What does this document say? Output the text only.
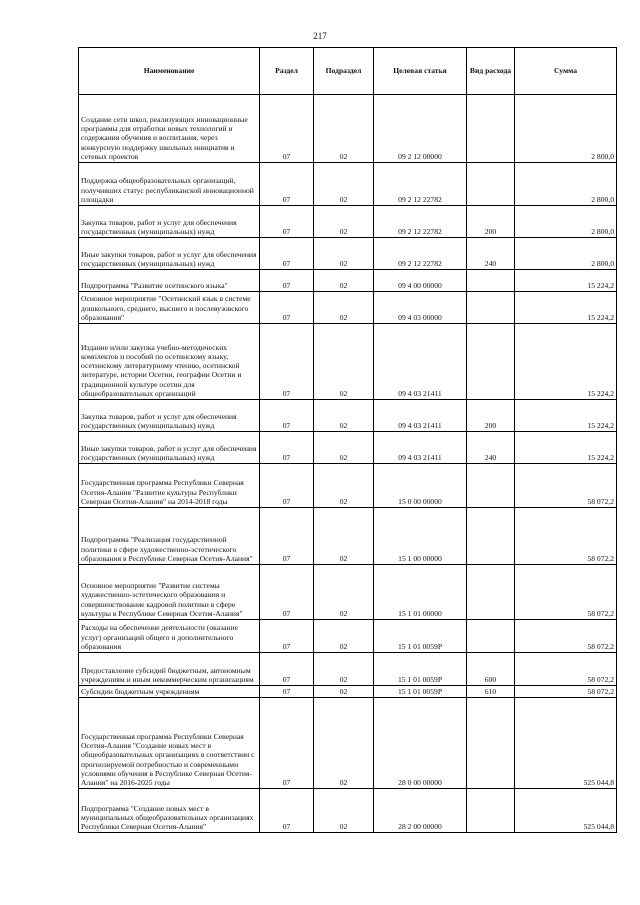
217
Наименование	Раздел	Подраздел	Целевая статья	Вид расхода	Сумма
Создание сети школ, реализующих инновационные программы для отработки новых технологий и содержания обучения и воспитания, через конкурсную поддержку школьных инициатив и сетевых проектов	07	02	09 2 12 00000		2 800,0
Поддержка общеобразовательных организаций, получивших статус республиканской инновационной площадки	07	02	09 2 12 22782		2 800,0
Закупка товаров, работ и услуг для обеспечения государственных (муниципальных) нужд	07	02	09 2 12 22782	200	2 800,0
Иные закупки товаров, работ и услуг для обеспечения государственных (муниципальных) нужд	07	02	09 2 12 22782	240	2 800,0
Подпрограмма "Развитие осетинского языка"	07	02	09 4 00 00000		15 224,2
Основное мероприятие "Осетинский язык в системе дошкольного, среднего, высшего и послевузовского образования"	07	02	09 4 03 00000		15 224,2
Издание и/или закупка учебно-методических комплектов и пособий по осетинскому языку, осетинскому литературному чтению, осетинской литературе, истории Осетии, географии Осетии и традиционной культуре осетин для общеобразовательных организаций	07	02	09 4 03 21411		15 224,2
Закупка товаров, работ и услуг для обеспечения государственных (муниципальных) нужд	07	02	09 4 03 21411	200	15 224,2
Иные закупки товаров, работ и услуг для обеспечения государственных (муниципальных) нужд	07	02	09 4 03 21411	240	15 224,2
Государственная программа Республики Северная Осетия-Алания "Развитие культуры Республики Северная Осетия-Алания" на 2014-2018 годы	07	02	15 0 00 00000		58 072,2
Подпрограмма "Реализация государственной политики в сфере художественно-эстетического образования в Республике Северная Осетия-Алания"	07	02	15 1 00 00000		58 072,2
Основное мероприятие "Развитие системы художественно-эстетического образования и совершенствование кадровой политики в сфере культуры в Республике Северная Осетия-Алания"	07	02	15 1 01 00000		58 072,2
Расходы на обеспечение деятельности (оказание услуг) организаций общего и дополнительного образования	07	02	15 1 01 0059Р		58 072,2
Предоставление субсидий бюджетным, автономным учреждениям и иным некоммерческим организациям	07	02	15 1 01 0059Р	600	58 072,2
Субсидии бюджетным учреждениям	07	02	15 1 01 0059Р	610	58 072,2
Государственная программа Республики Северная Осетия-Алания "Создание новых мест в общеобразовательных организациях в соответствии с прогнозируемой потребностью и современными условиями обучения в Республике Северная Осетия-Алания" на 2016-2025 годы	07	02	28 0 00 00000		525 044,8
Подпрограмма "Создание новых мест в муниципальных общеобразовательных организациях Республики Северная Осетия-Алания"	07	02	28 2 00 00000		525 044,8
